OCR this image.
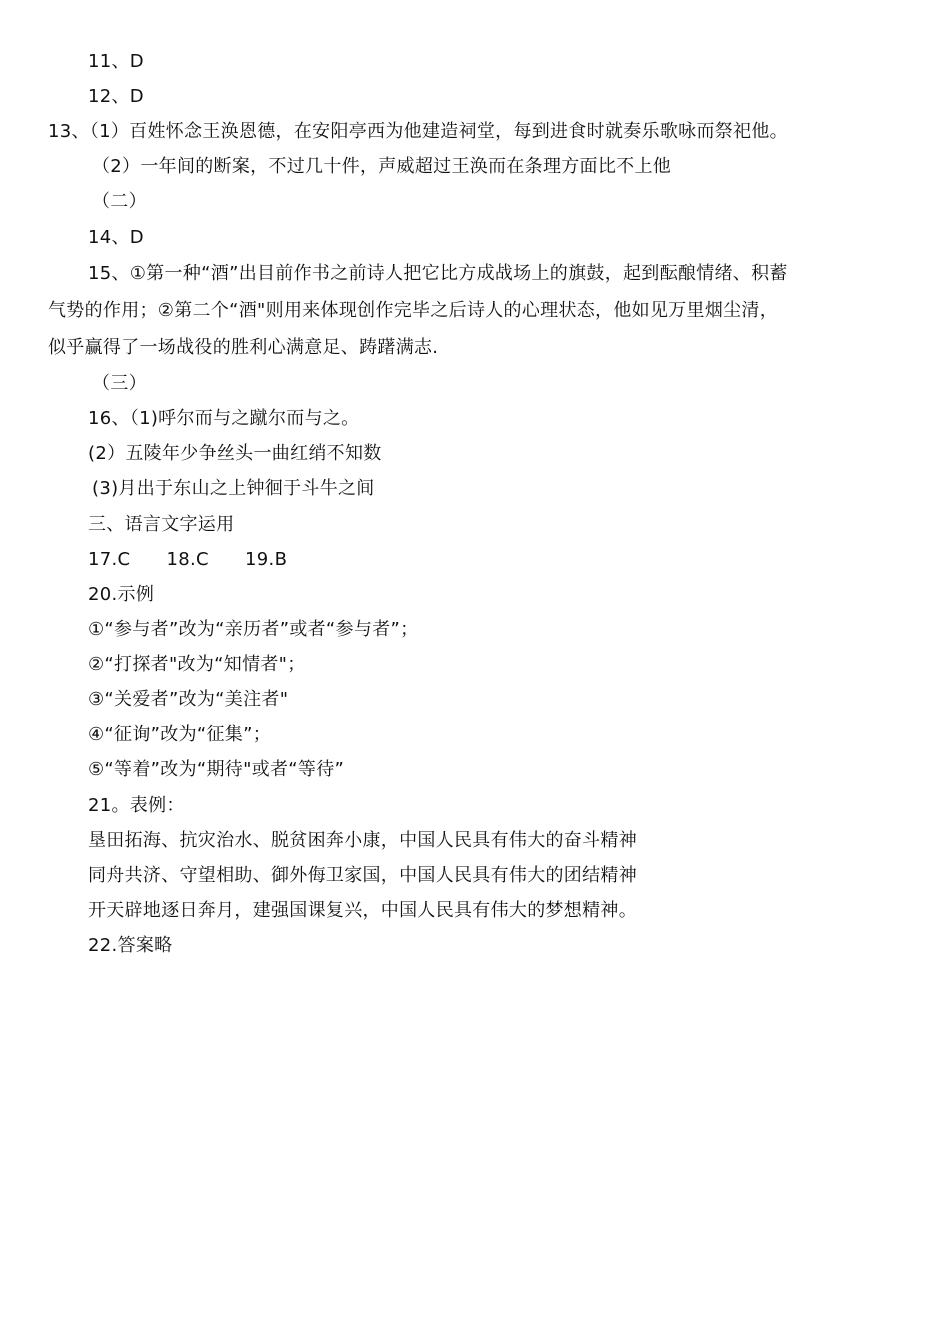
11、D
12、D
13、（1）百姓怀念王涣恩德，在安阳亭西为他建造祠堂，每到进食时就奏乐歌咏而祭祀他。
（2）一年间的断案，不过几十件，声威超过王涣而在条理方面比不上他
（二）
14、D
15、①第一种“酒”出目前作书之前诗人把它比方成战场上的旗鼓，起到酝酿情绪、积蓄
气势的作用；②第二个“酒"则用来体现创作完毕之后诗人的心理状态，他如见万里烟尘清，
似乎赢得了一场战役的胜利心满意足、踌躇满志.
（三）
16、（1)呼尔而与之蹴尔而与之。
(2）五陵年少争丝头一曲红绡不知数
(3)月出于东山之上钟徊于斗牛之间
三、语言文字运用
17.C      18.C      19.B
20.示例
①“参与者”改为“亲历者”或者“参与者”；
②“打探者"改为“知情者"；
③“关爱者”改为“美注者"
④“征询”改为“征集”；
⑤“等着”改为“期待"或者“等待”
21。表例：
垦田拓海、抗灾治水、脱贫困奔小康，中国人民具有伟大的奋斗精神
同舟共济、守望相助、御外侮卫家国，中国人民具有伟大的团结精神
开天辟地逐日奔月，建强国课复兴，中国人民具有伟大的梦想精神。
22.答案略
